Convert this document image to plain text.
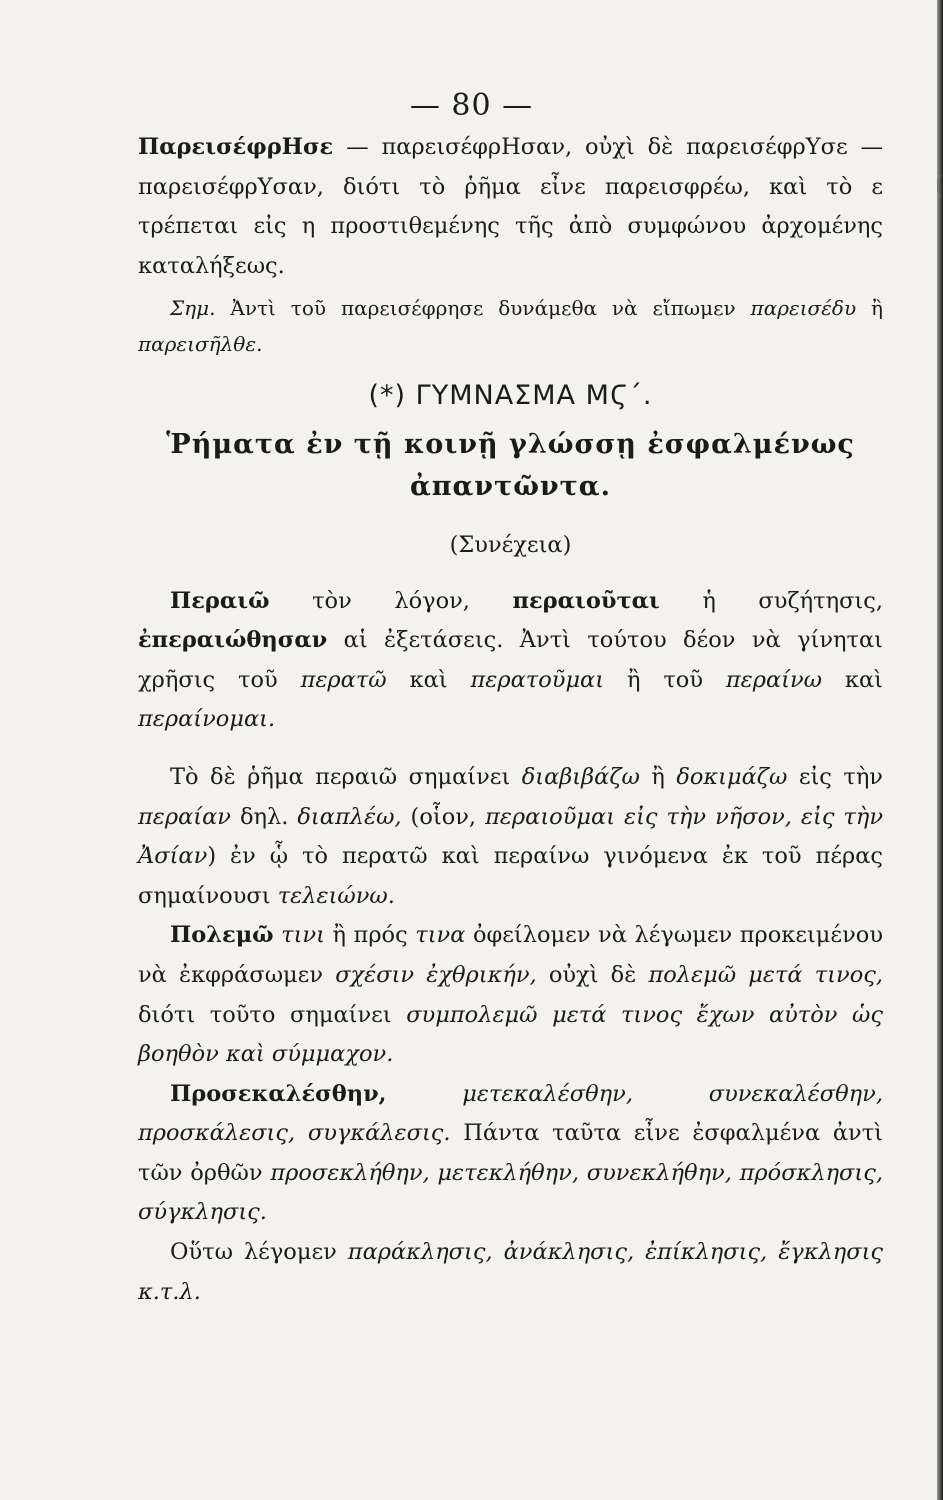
— 80 —

ΠαρεισέφρΗσε — παρεισέφρΗσαν, οὐχὶ δὲ παρεισέφρΥσε — παρεισέφρΥσαν, διότι τὸ ῥῆμα εἶνε παρεισφρέω, καὶ τὸ ε τρέπεται εἰς η προστιθεμένης τῆς ἀπὸ συμφώνου ἀρχομένης καταλήξεως.

Σημ. Ἀντὶ τοῦ παρεισέφρησε δυνάμεθα νὰ εἴπωμεν παρεισέδυ ἢ παρεισῆλθε.

(*) ΓΥΜΝΑΣΜΑ ΜϚ΄.

Ῥήματα ἐν τῇ κοινῇ γλώσσῃ ἐσφαλμένως ἀπαντῶντα.

(Συνέχεια)

Περαιῶ τὸν λόγον, περαιοῦται ἡ συζήτησις, ἐπεραιώθησαν αἱ ἐξετάσεις. Ἀντὶ τούτου δέον νὰ γίνηται χρῆσις τοῦ περατῶ καὶ περατοῦμαι ἢ τοῦ περαίνω καὶ περαίνομαι.

Τὸ δὲ ῥῆμα περαιῶ σημαίνει διαβιβάζω ἢ δοκιμάζω εἰς τὴν περαίαν δηλ. διαπλέω, (οἷον, περαιοῦμαι εἰς τὴν νῆσον, εἰς τὴν Ἀσίαν) ἐν ᾧ τὸ περατῶ καὶ περαίνω γινόμενα ἐκ τοῦ πέρας σημαίνουσι τελειώνω.

Πολεμῶ τινι ἢ πρός τινα ὀφείλομεν νὰ λέγωμεν προκειμένου νὰ ἐκφράσωμεν σχέσιν ἐχθρικήν, οὐχὶ δὲ πολεμῶ μετά τινος, διότι τοῦτο σημαίνει συμπολεμῶ μετά τινος ἔχων αὐτὸν ὡς βοηθὸν καὶ σύμμαχον.

Προσεκαλέσθην, μετεκαλέσθην, συνεκαλέσθην, προσκάλεσις, συγκάλεσις. Πάντα ταῦτα εἶνε ἐσφαλμένα ἀντὶ τῶν ὀρθῶν προσεκλήθην, μετεκλήθην, συνεκλήθην, πρόσκλησις, σύγκλησις.

Οὕτω λέγομεν παράκλησις, ἀνάκλησις, ἐπίκλησις, ἔγκλησις κ.τ.λ.
